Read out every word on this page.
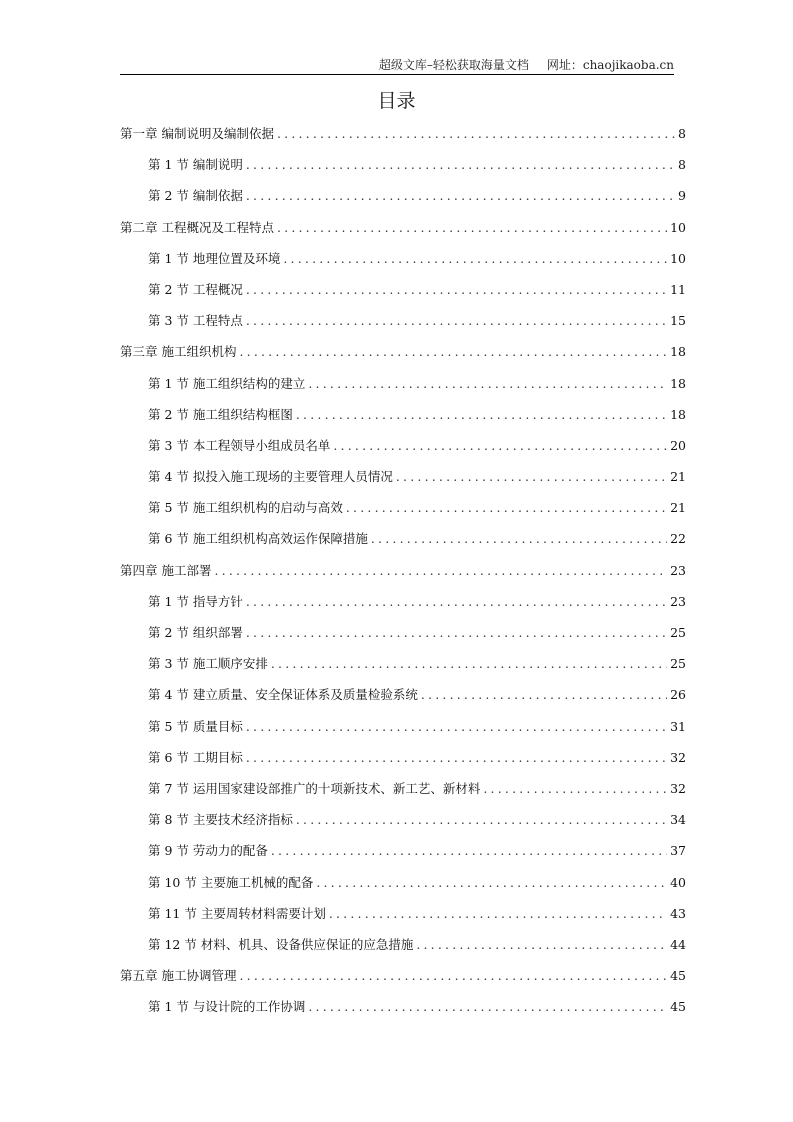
超级文库–轻松获取海量文档 网址：chaojikaoba.cn
目录
第一章 编制说明及编制依据 .....	8
第 1 节 编制说明 .....	8
第 2 节 编制依据 .....	9
第二章 工程概况及工程特点 .....	10
第 1 节 地理位置及环境 .....	10
第 2 节 工程概况 .....	11
第 3 节 工程特点 .....	15
第三章 施工组织机构 .....	18
第 1 节 施工组织结构的建立 .....	18
第 2 节 施工组织结构框图 .....	18
第 3 节 本工程领导小组成员名单 .....	20
第 4 节 拟投入施工现场的主要管理人员情况 .....	21
第 5 节 施工组织机构的启动与高效 .....	21
第 6 节 施工组织机构高效运作保障措施 .....	22
第四章 施工部署 .....	23
第 1 节 指导方针 .....	23
第 2 节 组织部署 .....	25
第 3 节 施工顺序安排 .....	25
第 4 节 建立质量、安全保证体系及质量检验系统 .....	26
第 5 节 质量目标 .....	31
第 6 节 工期目标 .....	32
第 7 节 运用国家建设部推广的十项新技术、新工艺、新材料 .....	32
第 8 节 主要技术经济指标 .....	34
第 9 节 劳动力的配备 .....	37
第 10 节 主要施工机械的配备 .....	40
第 11 节 主要周转材料需要计划 .....	43
第 12 节 材料、机具、设备供应保证的应急措施 .....	44
第五章 施工协调管理 .....	45
第 1 节 与设计院的工作协调 .....	45
